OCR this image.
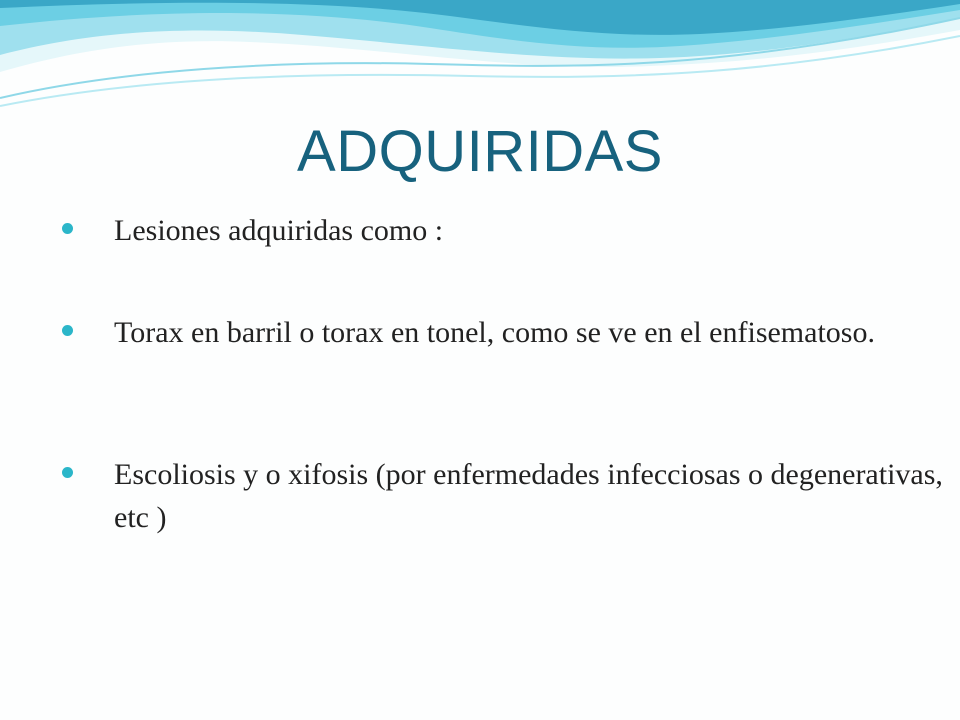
ADQUIRIDAS
Lesiones adquiridas como :
Torax en barril o torax en tonel, como se ve en el enfisematoso.
Escoliosis y o xifosis (por enfermedades infecciosas o degenerativas, etc )
